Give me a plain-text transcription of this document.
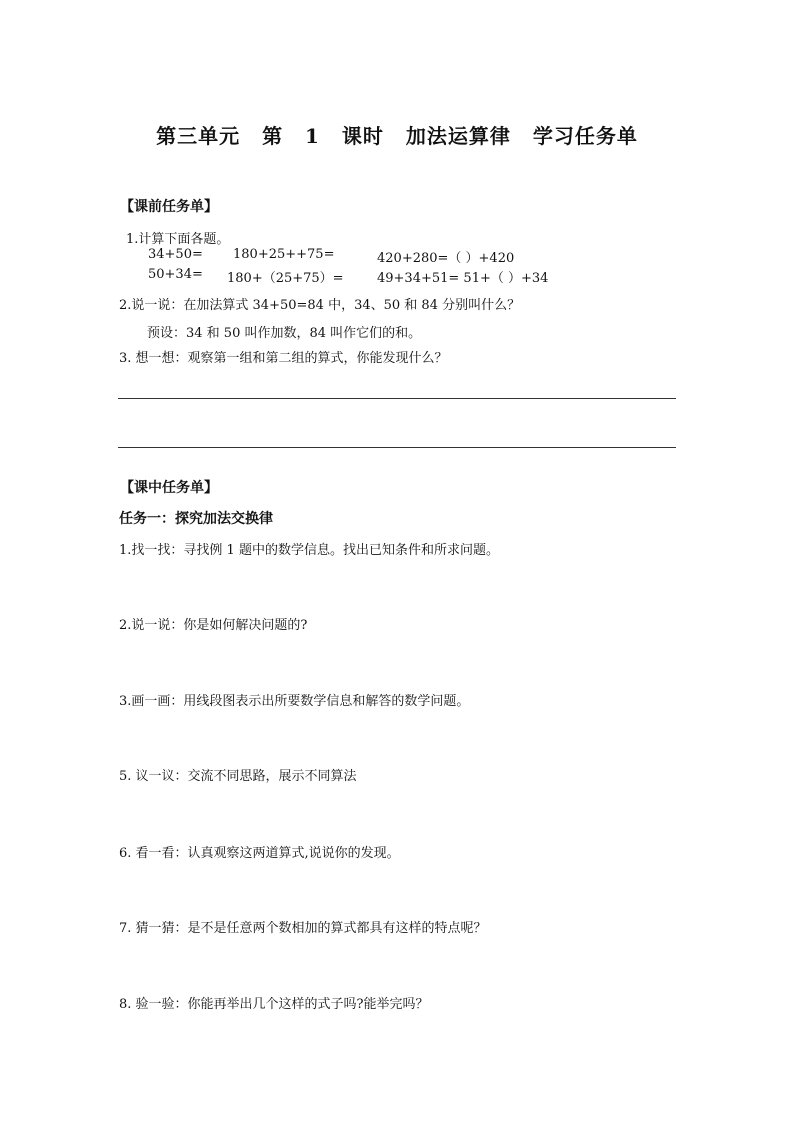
第三单元 第 1 课时 加法运算律 学习任务单
【课前任务单】
1.计算下面各题。
34+50= 180+25++75=	420+280=（ ）+420
50+34= 180+（25+75）=	49+34+51= 51+（ ）+34
2.说一说：在加法算式 34+50=84 中，34、50 和 84 分别叫什么？
预设：34 和 50 叫作加数，84 叫作它们的和。
3. 想一想：观察第一组和第二组的算式，你能发现什么？
【课中任务单】
任务一：探究加法交换律
1.找一找：寻找例 1 题中的数学信息。找出已知条件和所求问题。
2.说一说：你是如何解决问题的?
3.画一画：用线段图表示出所要数学信息和解答的数学问题。
5. 议一议：交流不同思路，展示不同算法
6. 看一看：认真观察这两道算式,说说你的发现。
7. 猜一猜：是不是任意两个数相加的算式都具有这样的特点呢？
8. 验一验：你能再举出几个这样的式子吗?能举完吗？
